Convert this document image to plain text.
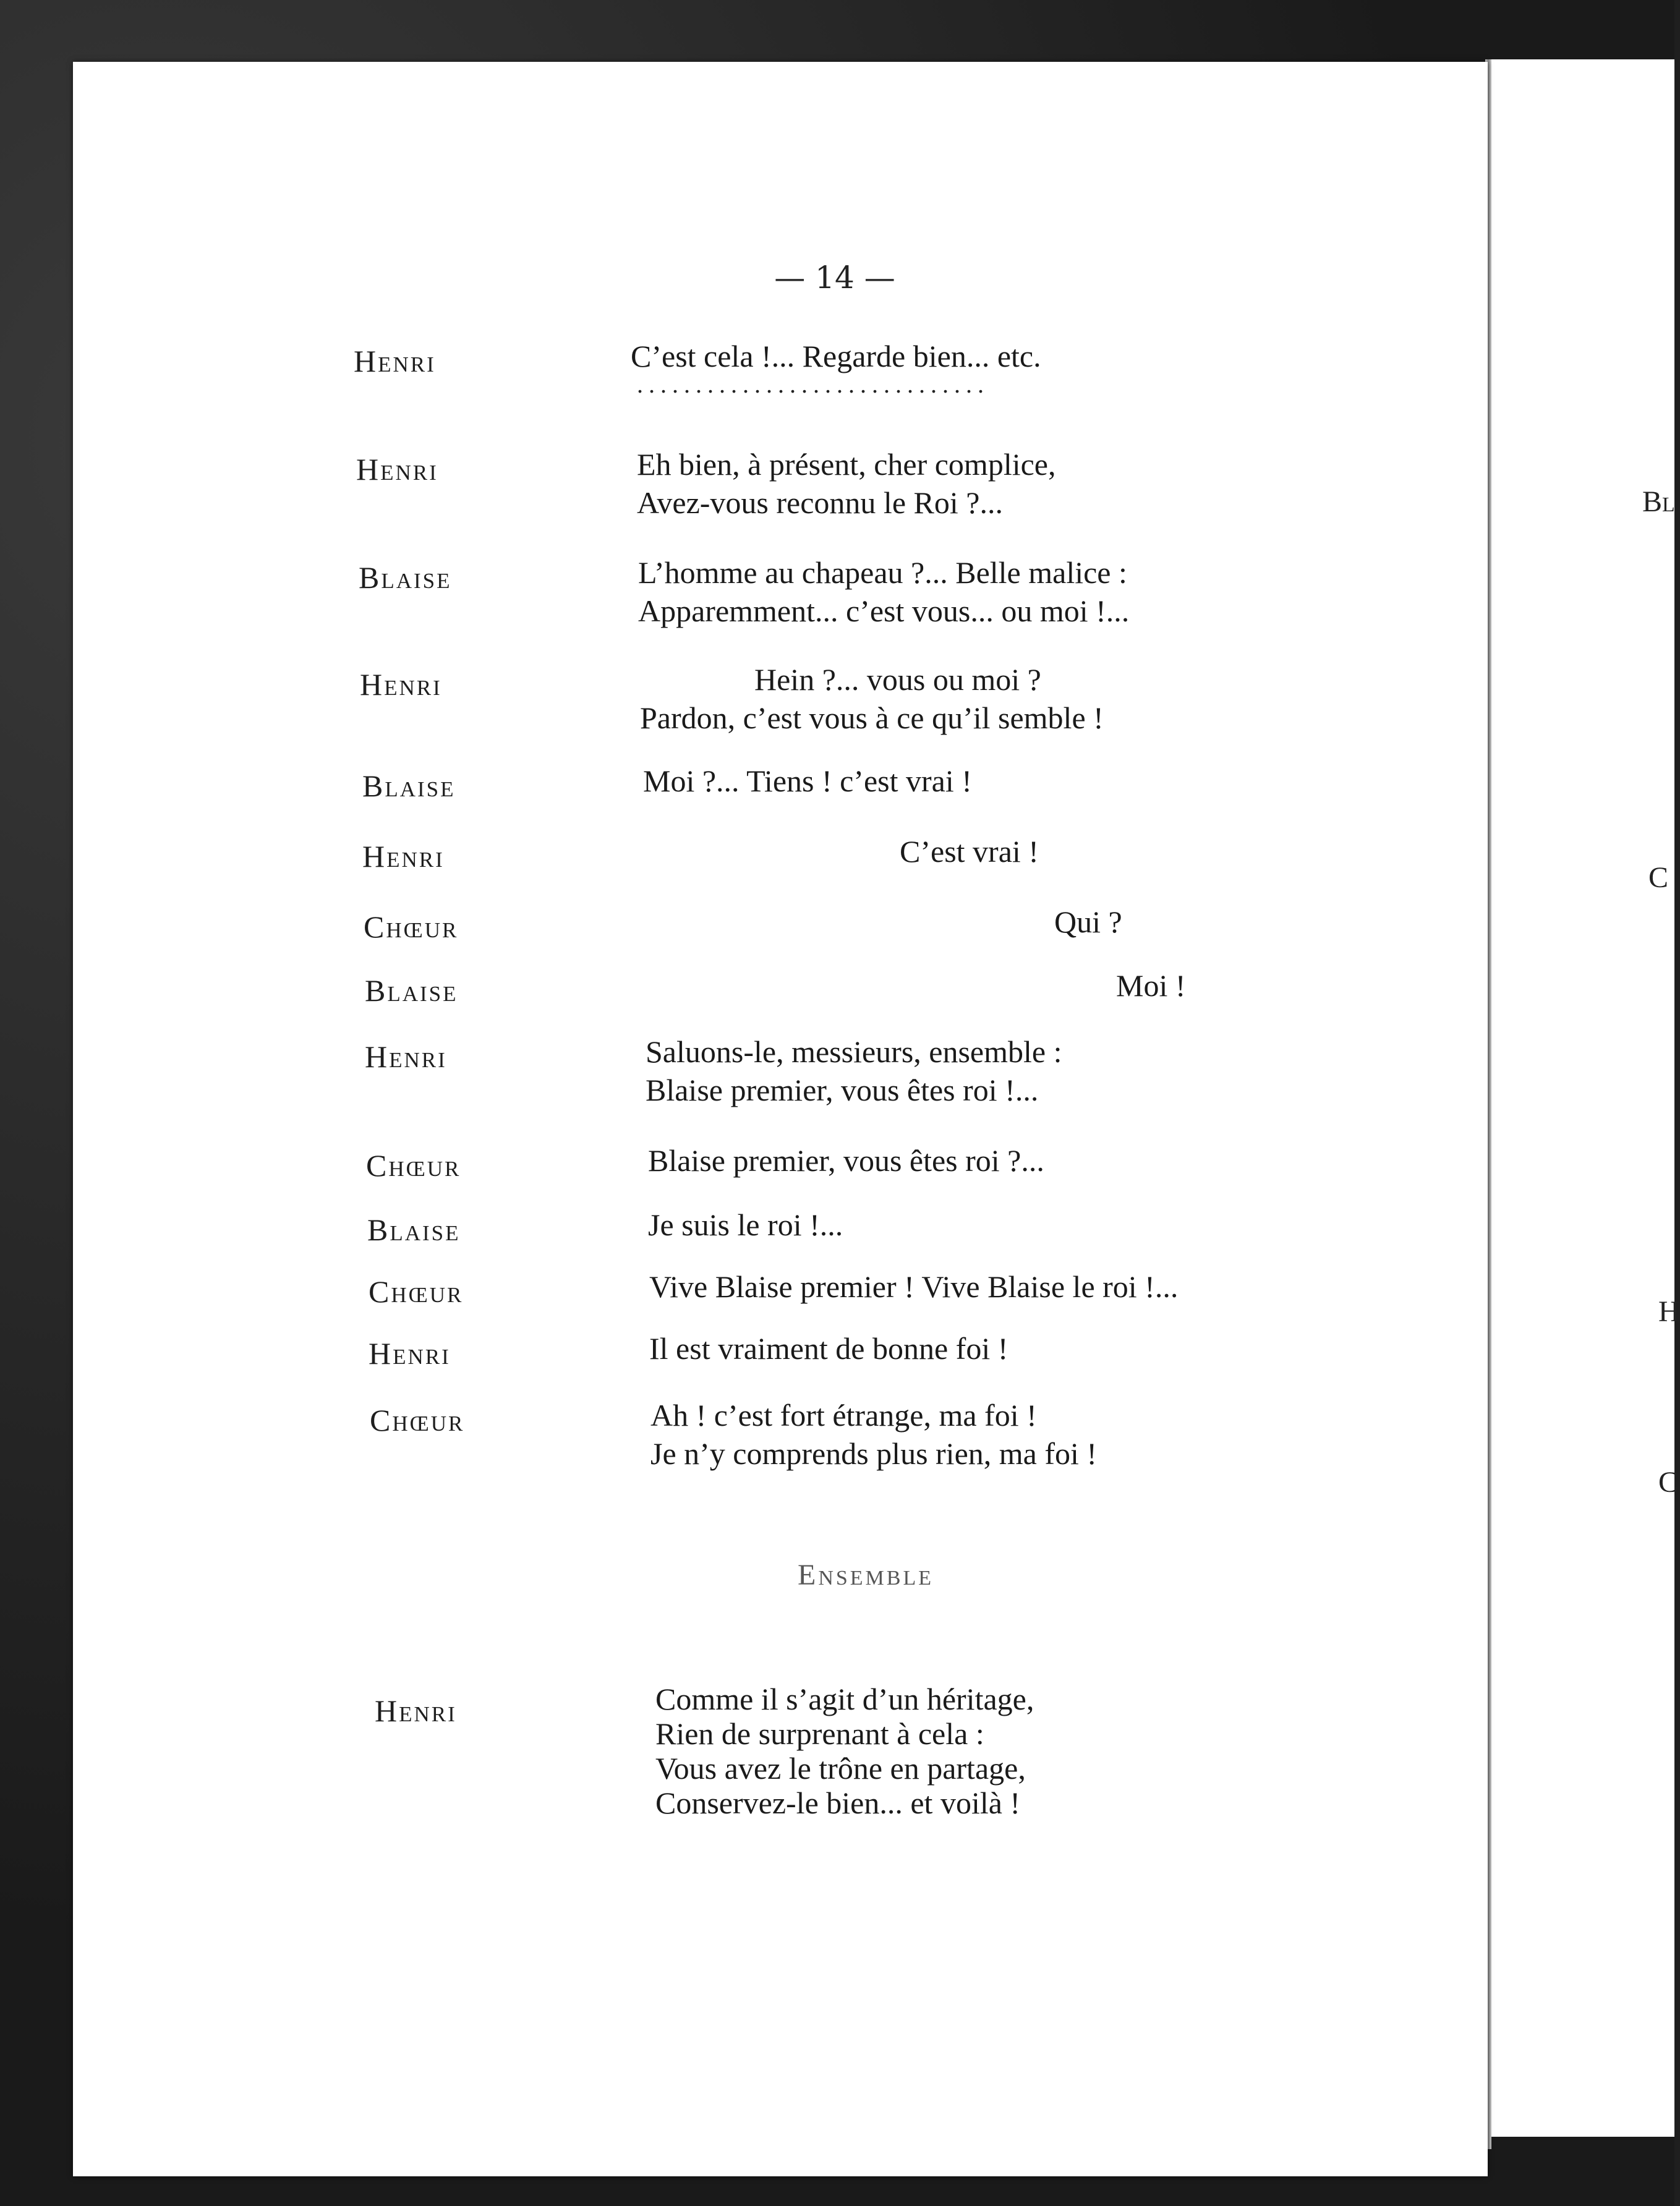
Bl
C
H
C
— 14 —
Henri	C’est cela !... Regarde bien... etc.
Henri	Eh bien, à présent, cher complice,
Avez-vous reconnu le Roi ?...
Blaise	L’homme au chapeau ?... Belle malice :
Apparemment... c’est vous... ou moi !...
Henri	Hein ?... vous ou moi ?
Pardon, c’est vous à ce qu’il semble !
Blaise	Moi ?... Tiens ! c’est vrai !
Henri	C’est vrai !
Chœur	Qui ?
Blaise	Moi !
Henri	Saluons-le, messieurs, ensemble :
Blaise premier, vous êtes roi !...
Chœur	Blaise premier, vous êtes roi ?...
Blaise	Je suis le roi !...
Chœur	Vive Blaise premier ! Vive Blaise le roi !...
Henri	Il est vraiment de bonne foi !
Chœur	Ah ! c’est fort étrange, ma foi !
Je n’y comprends plus rien, ma foi !
..............................
Ensemble
Henri	Comme il s’agit d’un héritage,
Rien de surprenant à cela :
Vous avez le trône en partage,
Conservez-le bien... et voilà !
